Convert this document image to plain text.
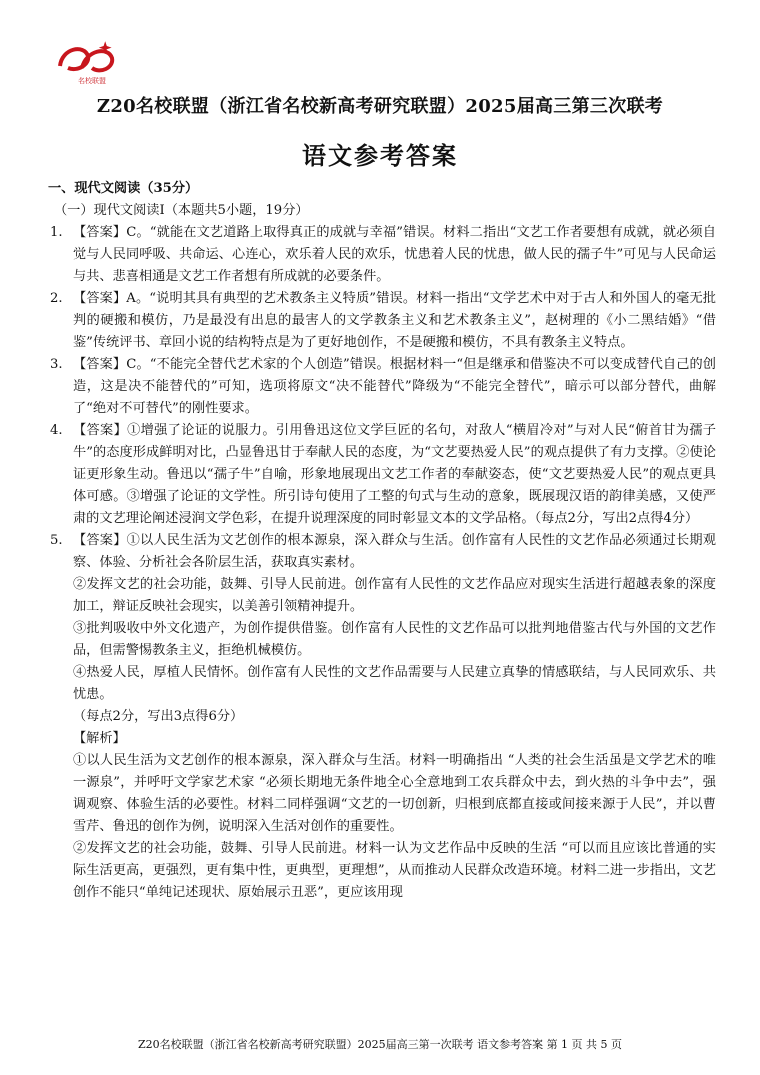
名校联盟
Z20名校联盟（浙江省名校新高考研究联盟）2025届高三第三次联考
语文参考答案
一、现代文阅读（35分）
（一）现代文阅读Ⅰ（本题共5小题，19分）
1. 【答案】C。“就能在文艺道路上取得真正的成就与幸福”错误。材料二指出“文艺工作者要想有成就，就必须自觉与人民同呼吸、共命运、心连心，欢乐着人民的欢乐，忧患着人民的忧患，做人民的孺子牛”可见与人民命运与共、悲喜相通是文艺工作者想有所成就的必要条件。
2. 【答案】A。“说明其具有典型的艺术教条主义特质”错误。材料一指出“文学艺术中对于古人和外国人的毫无批判的硬搬和模仿，乃是最没有出息的最害人的文学教条主义和艺术教条主义”，赵树理的《小二黑结婚》“借鉴”传统评书、章回小说的结构特点是为了更好地创作，不是硬搬和模仿，不具有教条主义特点。
3. 【答案】C。“不能完全替代艺术家的个人创造”错误。根据材料一“但是继承和借鉴决不可以变成替代自己的创造，这是决不能替代的”可知，选项将原文“决不能替代”降级为“不能完全替代”，暗示可以部分替代，曲解了“绝对不可替代”的刚性要求。
4. 【答案】①增强了论证的说服力。引用鲁迅这位文学巨匠的名句，对敌人“横眉冷对”与对人民“俯首甘为孺子牛”的态度形成鲜明对比，凸显鲁迅甘于奉献人民的态度，为“文艺要热爱人民”的观点提供了有力支撑。②使论证更形象生动。鲁迅以“孺子牛”自喻，形象地展现出文艺工作者的奉献姿态，使“文艺要热爱人民”的观点更具体可感。③增强了论证的文学性。所引诗句使用了工整的句式与生动的意象，既展现汉语的韵律美感，又使严肃的文艺理论阐述浸润文学色彩，在提升说理深度的同时彰显文本的文学品格。（每点2分，写出2点得4分）
5. 【答案】①以人民生活为文艺创作的根本源泉，深入群众与生活。创作富有人民性的文艺作品必须通过长期观察、体验、分析社会各阶层生活，获取真实素材。
②发挥文艺的社会功能，鼓舞、引导人民前进。创作富有人民性的文艺作品应对现实生活进行超越表象的深度加工，辩证反映社会现实，以美善引领精神提升。
③批判吸收中外文化遗产，为创作提供借鉴。创作富有人民性的文艺作品可以批判地借鉴古代与外国的文艺作品，但需警惕教条主义，拒绝机械模仿。
④热爱人民，厚植人民情怀。创作富有人民性的文艺作品需要与人民建立真挚的情感联结，与人民同欢乐、共忧患。
（每点2分，写出3点得6分）
【解析】
①以人民生活为文艺创作的根本源泉，深入群众与生活。材料一明确指出 “人类的社会生活虽是文学艺术的唯一源泉”，并呼吁文学家艺术家 “必须长期地无条件地全心全意地到工农兵群众中去，到火热的斗争中去”，强调观察、体验生活的必要性。材料二同样强调“文艺的一切创新，归根到底都直接或间接来源于人民”，并以曹雪芹、鲁迅的创作为例，说明深入生活对创作的重要性。
②发挥文艺的社会功能，鼓舞、引导人民前进。材料一认为文艺作品中反映的生活 “可以而且应该比普通的实际生活更高，更强烈，更有集中性，更典型，更理想”，从而推动人民群众改造环境。材料二进一步指出，文艺创作不能只“单纯记述现状、原始展示丑恶”，更应该用现
Z20名校联盟（浙江省名校新高考研究联盟）2025届高三第一次联考 语文参考答案 第 1 页 共 5 页
